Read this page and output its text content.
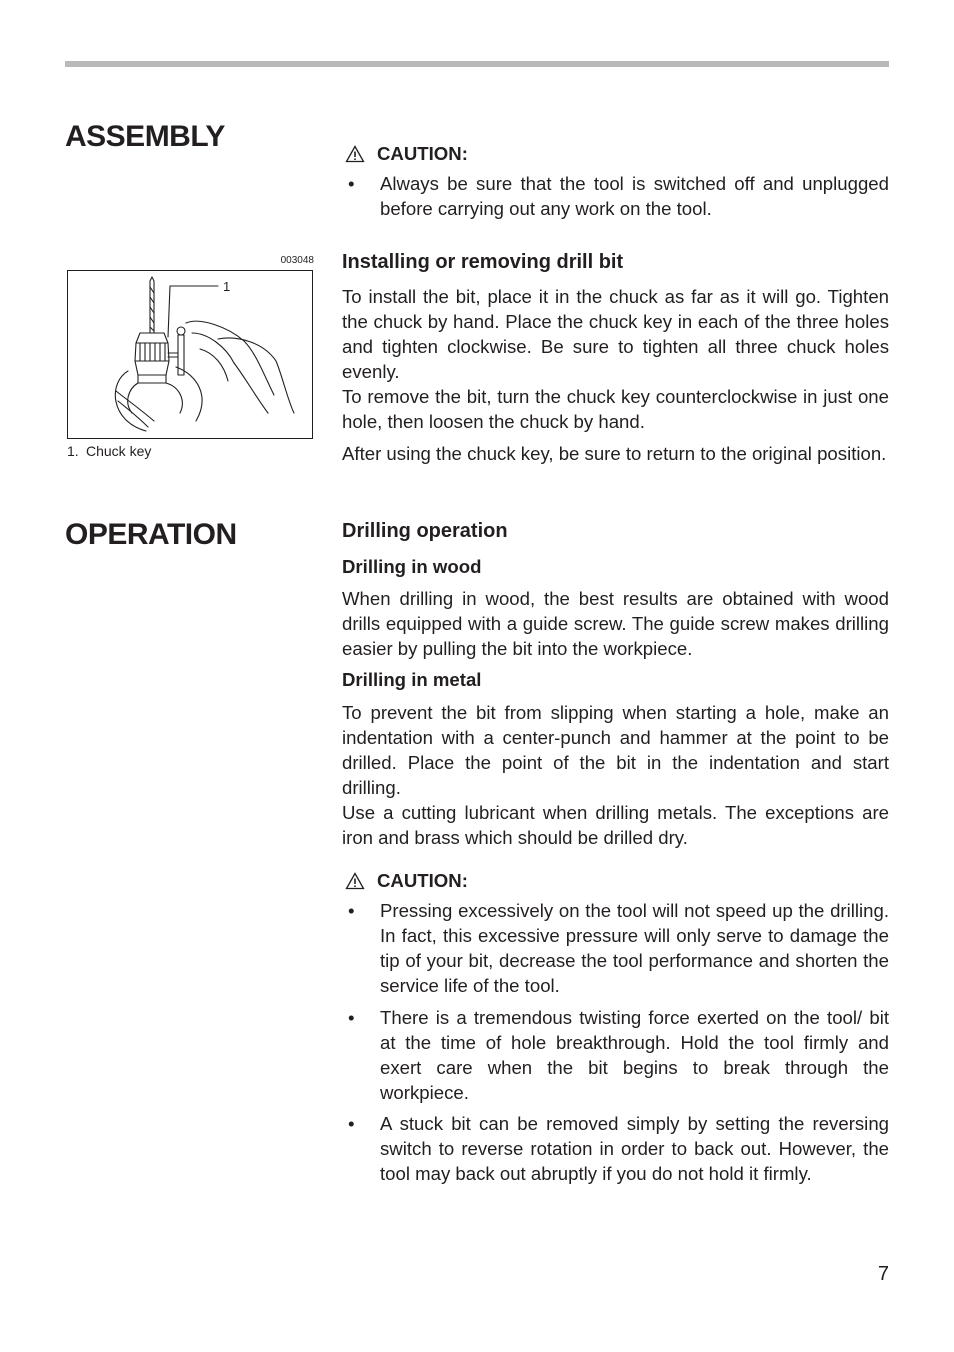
ASSEMBLY
CAUTION:
•	Always be sure that the tool is switched off and unplugged before carrying out any work on the tool.
003048
1
1. Chuck key
Installing or removing drill bit

To install the bit, place it in the chuck as far as it will go. Tighten the chuck by hand. Place the chuck key in each of the three holes and tighten clockwise. Be sure to tighten all three chuck holes evenly.

To remove the bit, turn the chuck key counterclockwise in just one hole, then loosen the chuck by hand.

After using the chuck key, be sure to return to the original position.
OPERATION	Drilling operation
Drilling in wood
When drilling in wood, the best results are obtained with wood drills equipped with a guide screw. The guide screw makes drilling easier by pulling the bit into the workpiece.
Drilling in metal

To prevent the bit from slipping when starting a hole, make an indentation with a center-punch and hammer at the point to be drilled. Place the point of the bit in the indentation and start drilling.

Use a cutting lubricant when drilling metals. The exceptions are iron and brass which should be drilled dry.

CAUTION:
•	Pressing excessively on the tool will not speed up the drilling. In fact, this excessive pressure will only serve to damage the tip of your bit, decrease the tool performance and shorten the service life of the tool.
•	There is a tremendous twisting force exerted on the tool/ bit at the time of hole breakthrough. Hold the tool firmly and exert care when the bit begins to break through the workpiece.
•	A stuck bit can be removed simply by setting the reversing switch to reverse rotation in order to back out. However, the tool may back out abruptly if you do not hold it firmly.
7
